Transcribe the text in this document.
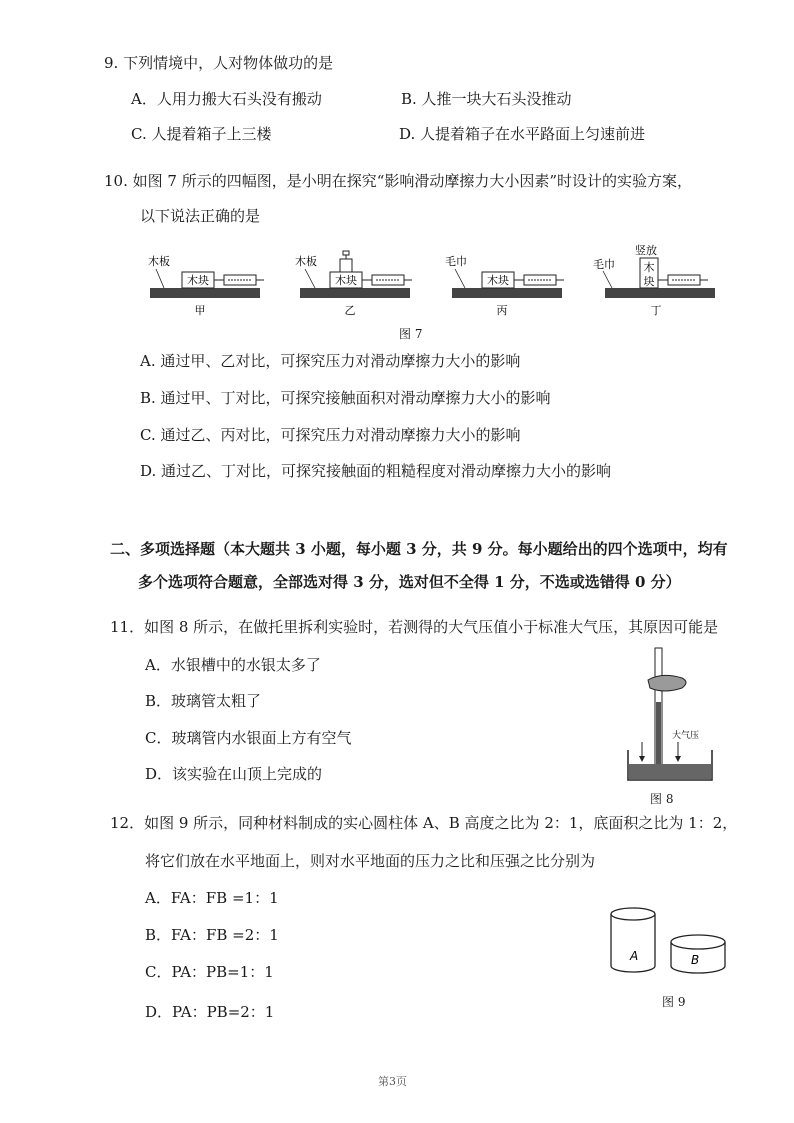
9. 下列情境中，人对物体做功的是
A．人用力搬大石头没有搬动	B. 人推一块大石头没推动
C. 人提着箱子上三楼	D. 人提着箱子在水平路面上匀速前进
10. 如图 7 所示的四幅图，是小明在探究“影响滑动摩擦力大小因素”时设计的实验方案，
以下说法正确的是
木板
木块
甲
木板
木块
乙
毛巾
木块
丙
毛巾
竖放
木
块
丁
图 7
A. 通过甲、乙对比，可探究压力对滑动摩擦力大小的影响
B. 通过甲、丁对比，可探究接触面积对滑动摩擦力大小的影响
C. 通过乙、丙对比，可探究压力对滑动摩擦力大小的影响
D. 通过乙、丁对比，可探究接触面的粗糙程度对滑动摩擦力大小的影响
二、多项选择题（本大题共 3 小题，每小题 3 分，共 9 分。每小题给出的四个选项中，均有
多个选项符合题意，全部选对得 3 分，选对但不全得 1 分，不选或选错得 0 分）
11．如图 8 所示，在做托里拆利实验时，若测得的大气压值小于标准大气压，其原因可能是
A．水银槽中的水银太多了
B．玻璃管太粗了
C．玻璃管内水银面上方有空气
D．该实验在山顶上完成的
大气压
图 8
12．如图 9 所示，同种材料制成的实心圆柱体 A、B 高度之比为 2：1，底面积之比为 1：2，
将它们放在水平地面上，则对水平地面的压力之比和压强之比分别为
A．FA：FB =1：1
B．FA：FB =2：1
C．PA：PB=1：1
D．PA：PB=2：1
A	B
图 9
第3页
